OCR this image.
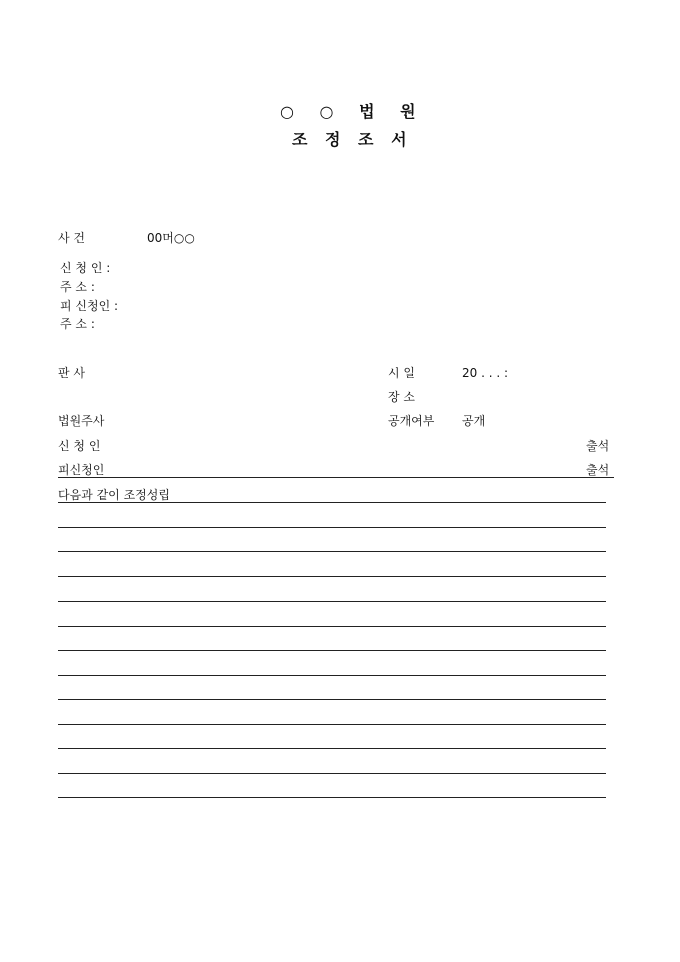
○ ○ 법 원
조 정 조 서
사 건	00머○○
신 청 인 :
주 소 :
피 신청인 :
주 소 :
판 사	시 일	20 . . . :
장 소
법원주사	공개여부 공개
신 청 인	출석
피신청인	출석
다음과 같이 조정성립
